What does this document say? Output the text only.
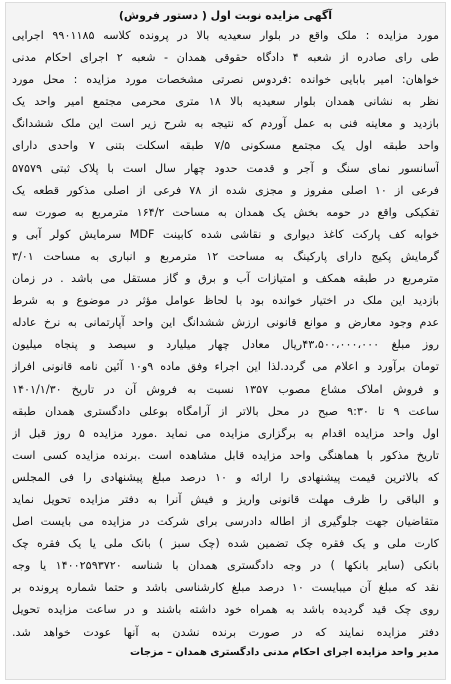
آگهی مزایده نوبت اول ( دستور فروش)
مورد مزایده : ملک واقع در بلوار سعیدیه بالا در پرونده کلاسه ۹۹۰۱۱۸۵ اجرایی
طی رای صادره از شعبه ۴ دادگاه حقوقی همدان - شعبه ۲ اجرای احکام مدنی
خواهان: امیر بابایی خوانده :فردوس نصرتی مشخصات مورد مزایده : محل مورد
نظر به نشانی همدان بلوار سعیدیه بالا ۱۸ متری محرمی مجتمع امیر واحد یک
بازدید و معاینه فنی به عمل آوردم که نتیجه به شرح زیر است این ملک ششدانگ
واحد طبقه اول یک مجتمع مسکونی ۷/۵ طبقه اسکلت بتنی ۷ واحدی دارای
آسانسور نمای سنگ و آجر و قدمت حدود چهار سال است با پلاک ثبتی ۵۷۵۷۹
فرعی از ۱۰ اصلی مفروز و مجزی شده از ۷۸ فرعی از اصلی مذکور قطعه یک
تفکیکی واقع در حومه بخش یک همدان به مساحت ۱۶۴/۲ مترمربع به صورت سه
خوابه کف پارکت کاغذ دیواری و نقاشی شده کابینت MDF سرمایش کولر آبی و
گرمایش پکیج دارای پارکینگ به مساحت ۱۲ مترمربع و انباری به مساحت ۳/۰۱
مترمربع در طبقه همکف و امتیازات آب و برق و گاز مستقل می باشد . در زمان
بازدید این ملک در اختیار خوانده بود با لحاظ عوامل مؤثر در موضوع و به شرط
عدم وجود معارض و موانع قانونی ارزش ششدانگ این واحد آپارتمانی به نرخ عادله
روز مبلغ ۴۳،۵۰۰،۰۰۰،۰۰۰ریال معادل چهار میلیارد و سیصد و پنجاه میلیون
تومان برآورد و اعلام می گردد.لذا این اجراء وفق ماده ۹و۱۰ آئین نامه قانونی افراز
و فروش املاک مشاع مصوب ۱۳۵۷ نسبت به فروش آن در تاریخ ۱۴۰۱/۱/۳۰
ساعت ۹ تا ۹:۳۰ صبح در محل بالاتر از آرامگاه بوعلی دادگستری همدان طبقه
اول واحد مزایده اقدام به برگزاری مزایده می نماید .مورد مزایده ۵ روز قبل از
تاریخ مذکور با هماهنگی واحد مزایده قابل مشاهده است .برنده مزایده کسی است
که بالاترین قیمت پیشنهادی را ارائه و ۱۰ درصد مبلغ پیشنهادی را فی المجلس
و الباقی را ظرف مهلت قانونی واریز و فیش آنرا به دفتر مزایده تحویل نماید
متقاضیان جهت جلوگیری از اطاله دادرسی برای شرکت در مزایده می بایست اصل
کارت ملی و یک فقره چک تضمین شده (چک سبز ) بانک ملی یا یک فقره چک
بانکی (سایر بانکها ) در وجه دادگستری همدان با شناسه ۱۴۰۰۲۵۹۳۷۲۰ یا وجه
نقد که مبلغ آن میبایست ۱۰ درصد مبلغ کارشناسی باشد و حتما شماره پرونده بر
روی چک قید گردیده باشد به همراه خود داشته باشند و در ساعت مزایده تحویل
دفتر مزایده نمایند که در صورت برنده نشدن به آنها عودت خواهد شد.
مدیر واحد مزایده اجرای احکام مدنی دادگستری همدان – مزجات
